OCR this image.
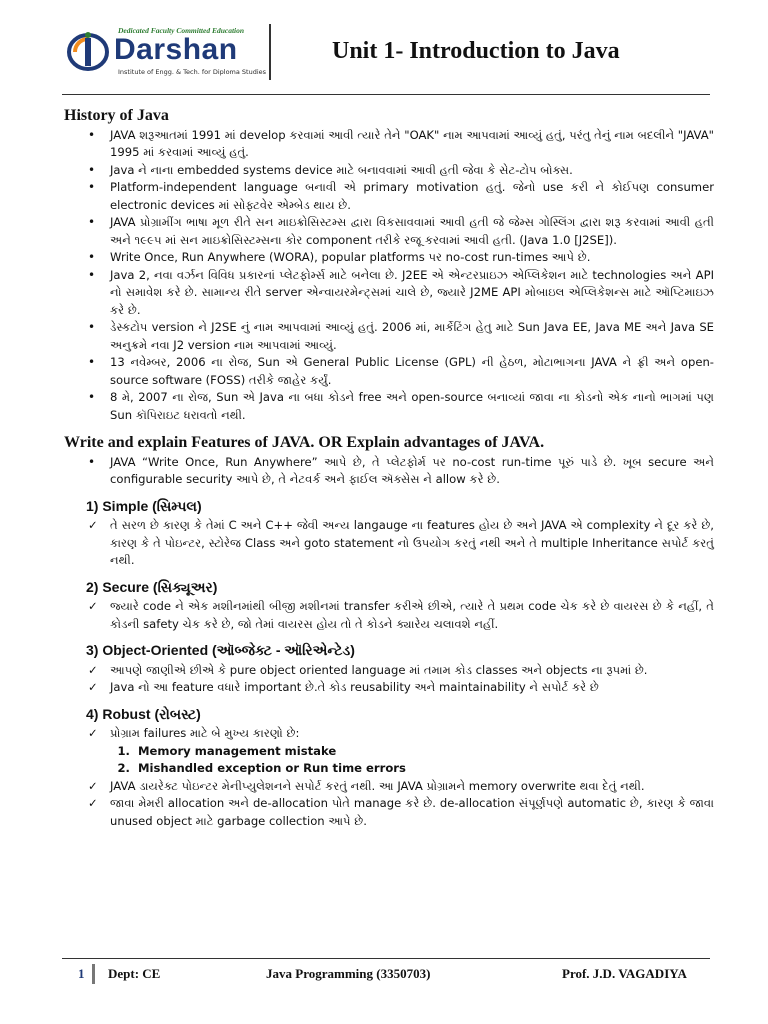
Dedicated Faculty Committed Education
Darshan
Institute of Engg. & Tech. for Diploma Studies
Unit 1- Introduction to Java
History of Java
• JAVA શરૂઆતમાં 1991 માં develop કરવામાં આવી ત્યારે તેને "OAK" નામ આપવામાં આવ્યું હતું, પરંતુ તેનું નામ બદલીને "JAVA" 1995 માં કરવામાં આવ્યું હતું.
• Java ને નાના embedded systems device માટે બનાવવામાં આવી હતી જેવા કે સેટ-ટોપ બોક્સ.
• Platform-independent language બનાવી એ primary motivation હતું. જેનો use કરી ને કોઈપણ consumer electronic devices માં સોફ્ટવેર એમ્બેડ થાય છે.
• JAVA પ્રોગ્રામીંગ ભાષા મૂળ રીતે સન માઇક્રોસિસ્ટમ્સ દ્વારા વિકસાવવામાં આવી હતી જે જેમ્સ ગોસ્લિંગ દ્વારા શરૂ કરવામાં આવી હતી અને ૧૯૯૫ માં સન માઇક્રોસિસ્ટમ્સના કોર component તરીકે રજૂ કરવામાં આવી હતી. (Java 1.0 [J2SE]).
• Write Once, Run Anywhere (WORA), popular platforms પર no-cost run-times આપે છે.
• Java 2, નવા વર્ઝન વિવિધ પ્રકારનાં પ્લેટફોર્મ્સ માટે બનેલા છે. J2EE એ એન્ટરપ્રાઇઝ એપ્લિકેશન માટે technologies અને API નો સમાવેશ કરે છે. સામાન્ય રીતે server એન્વાયરમેન્ટ્સમાં ચાલે છે, જ્યારે J2ME API મોબાઇલ એપ્લિકેશન્સ માટે ઑપ્ટિમાઇઝ કરે છે.
• ડેસ્કટોપ version ને J2SE નું નામ આપવામાં આવ્યું હતું. 2006 માં, માર્કેટિંગ હેતુ માટે Sun Java EE, Java ME અને Java SE અનુક્રમે નવા J2 version નામ આપવામાં આવ્યું.
• 13 નવેમ્બર, 2006 ના રોજ, Sun એ General Public License (GPL) ની હેઠળ, મોટાભાગના JAVA ને ફ્રી અને open-source software (FOSS) તરીકે જાહેર કર્યું.
• 8 મે, 2007 ના રોજ, Sun એ Java ના બધા કોડને free અને open-source બનાવ્યાં જાવા ના કોડનો એક નાનો ભાગમાં પણ Sun કૉપિરાઇટ ધરાવતો નથી.
Write and explain Features of JAVA. OR Explain advantages of JAVA.
• JAVA “Write Once, Run Anywhere” આપે છે, તે પ્લેટફોર્મ પર no-cost run-time પૂરું પાડે છે. ખૂબ secure અને configurable security આપે છે, તે નેટવર્ક અને ફાઈલ ઍક્સેસ ને allow કરે છે.
1) Simple (સિમ્પલ)
✓ તે સરળ છે કારણ કે તેમાં C અને C++ જેવી અન્ય langauge ના features હોય છે અને JAVA એ complexity ને દૂર કરે છે, કારણ કે તે પોઇન્ટર, સ્ટોરેજ Class અને goto statement નો ઉપયોગ કરતું નથી અને તે multiple Inheritance સપોર્ટ કરતું નથી.
2) Secure (સિક્યૂઅર)
✓ જ્યારે code ને એક મશીનમાંથી બીજી મશીનમાં transfer કરીએ છીએ, ત્યારે તે પ્રથમ code ચેક કરે છે વાયરસ છે કે નહીં, તે કોડની safety ચેક કરે છે, જો તેમાં વાયરસ હોય તો તે કોડને ક્યારેય ચલાવશે નહીં.
3) Object-Oriented (ઑબ્જેક્ટ - ઑરિએન્ટેડ)
✓ આપણે જાણીએ છીએ કે pure object oriented language માં તમામ કોડ classes અને objects ના રૂપમાં છે.
✓ Java નો આ feature વધારે important છે.તે કોડ reusability અને maintainability ને સપોર્ટ કરે છે
4) Robust (રોબસ્ટ)
✓ પ્રોગ્રામ failures માટે બે મુખ્ય કારણો છે:
1. Memory management mistake
2. Mishandled exception or Run time errors
✓ JAVA ડાયરેક્ટ પોઇન્ટર મેનીપ્યુલેશનને સપોર્ટ કરતું નથી. આ JAVA પ્રોગ્રામને memory overwrite થવા દેતું નથી.
✓ જાવા મેમરી allocation અને de-allocation પોતે manage કરે છે. de-allocation સંપૂર્ણપણે automatic છે, કારણ કે જાવા unused object માટે garbage collection આપે છે.
1 Dept: CE	Java Programming (3350703)	Prof. J.D. VAGADIYA
